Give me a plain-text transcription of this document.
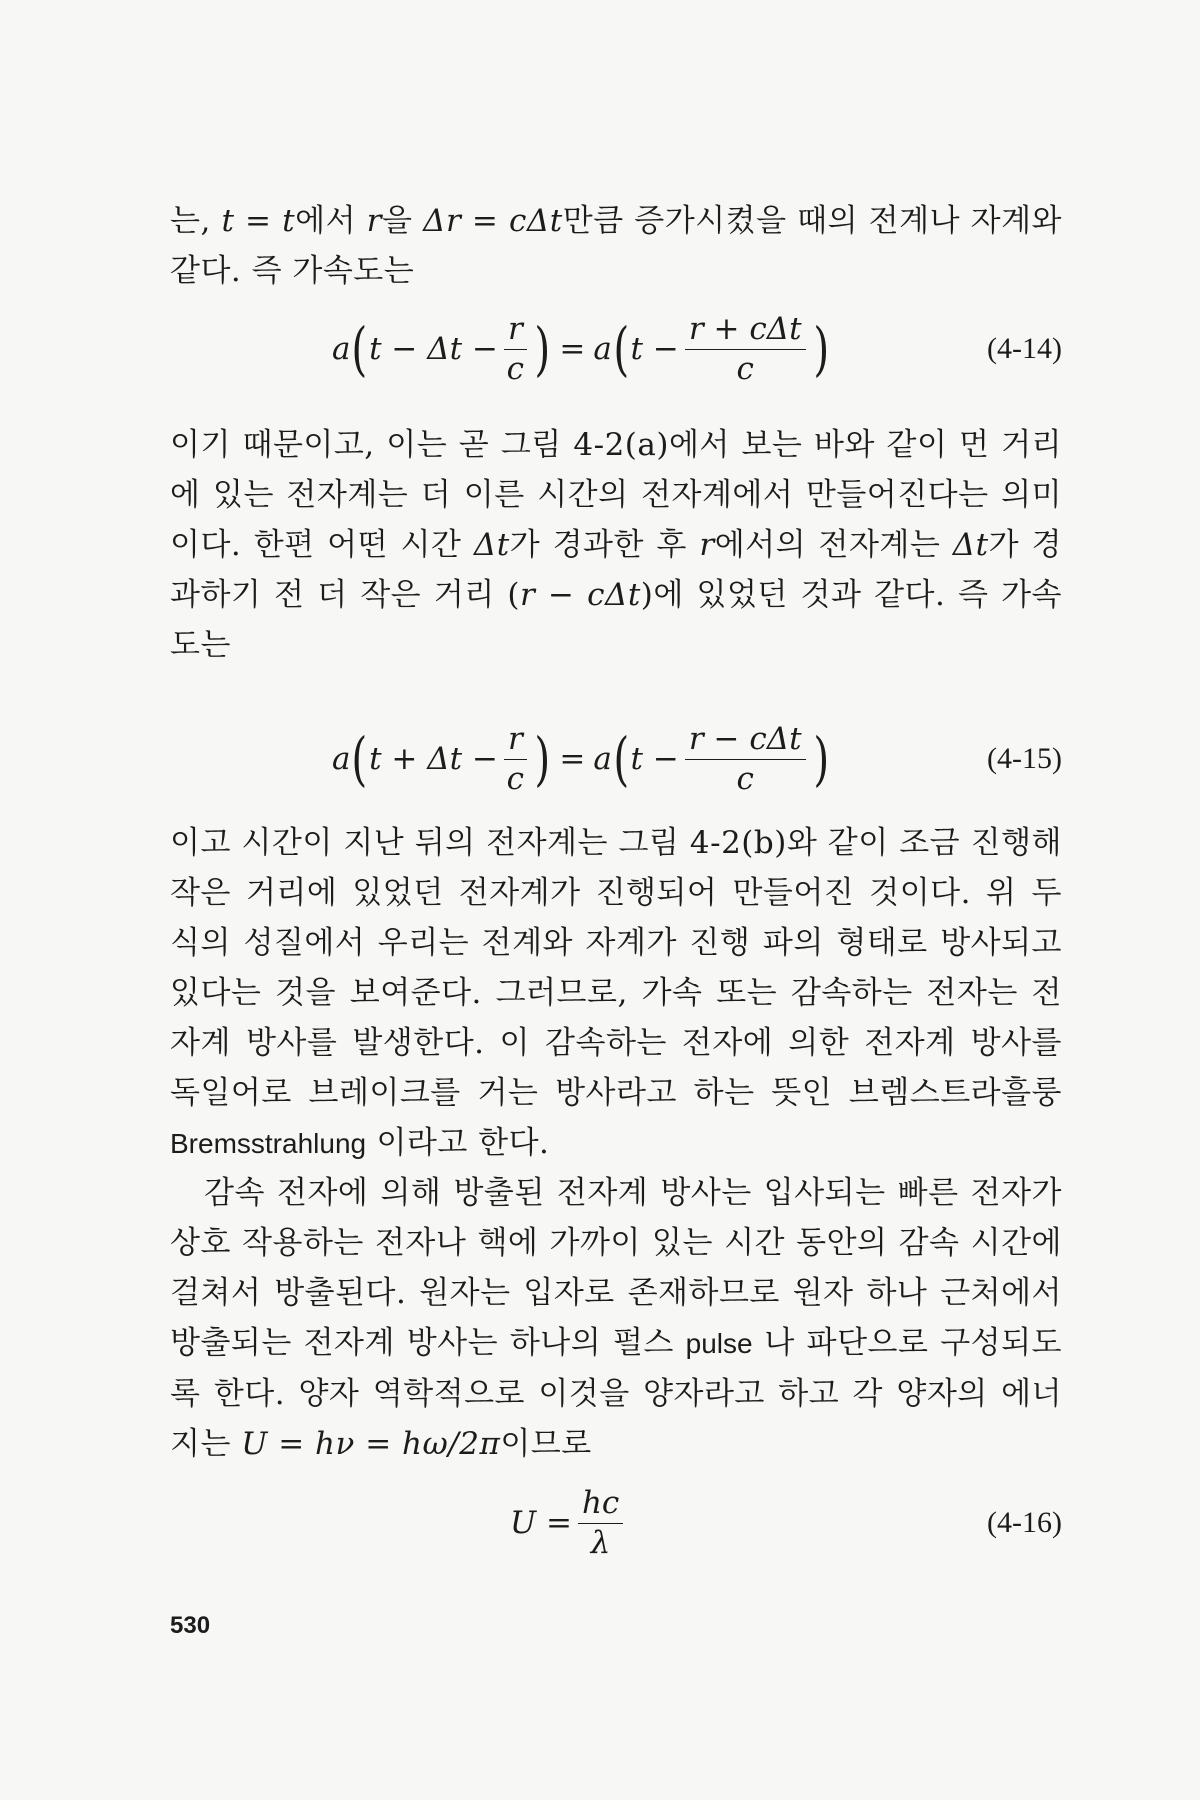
는, t = t에서 r을 Δr = cΔt만큼 증가시켰을 때의 전계나 자계와 같다. 즉 가속도는

a ( $t - \Delta t - \frac{r}{c}$ ) = a ( $t - \frac{\text{r + cΔt}}{c}$ )	(4-14)

이기 때문이고, 이는 곧 그림 4-2(a)에서 보는 바와 같이 먼 거리에 있는 전자계는 더 이른 시간의 전자계에서 만들어진다는 의미이다. 한편 어떤 시간 Δt가 경과한 후 r에서의 전자계는 Δt가 경과하기 전 더 작은 거리 (r − cΔt)에 있었던 것과 같다. 즉 가속도는

a ( $t + \Delta t - \frac{r}{c}$ ) = a ( $t - \frac{\text{r − cΔt}}{c}$ )	(4-15)

이고 시간이 지난 뒤의 전자계는 그림 4-2(b)와 같이 조금 진행해 작은 거리에 있었던 전자계가 진행되어 만들어진 것이다. 위 두 식의 성질에서 우리는 전계와 자계가 진행 파의 형태로 방사되고 있다는 것을 보여준다. 그러므로, 가속 또는 감속하는 전자는 전자계 방사를 발생한다. 이 감속하는 전자에 의한 전자계 방사를 독일어로 브레이크를 거는 방사라고 하는 뜻인 브렘스트라흘룽 Bremsstrahlung 이라고 한다.

감속 전자에 의해 방출된 전자계 방사는 입사되는 빠른 전자가 상호 작용하는 전자나 핵에 가까이 있는 시간 동안의 감속 시간에 걸쳐서 방출된다. 원자는 입자로 존재하므로 원자 하나 근처에서 방출되는 전자계 방사는 하나의 펄스 pulse 나 파단으로 구성되도록 한다. 양자 역학적으로 이것을 양자라고 하고 각 양자의 에너지는 U = hν = hω/2π이므로

$U = \frac{hc}{\lambda}$	(4-16)
530
